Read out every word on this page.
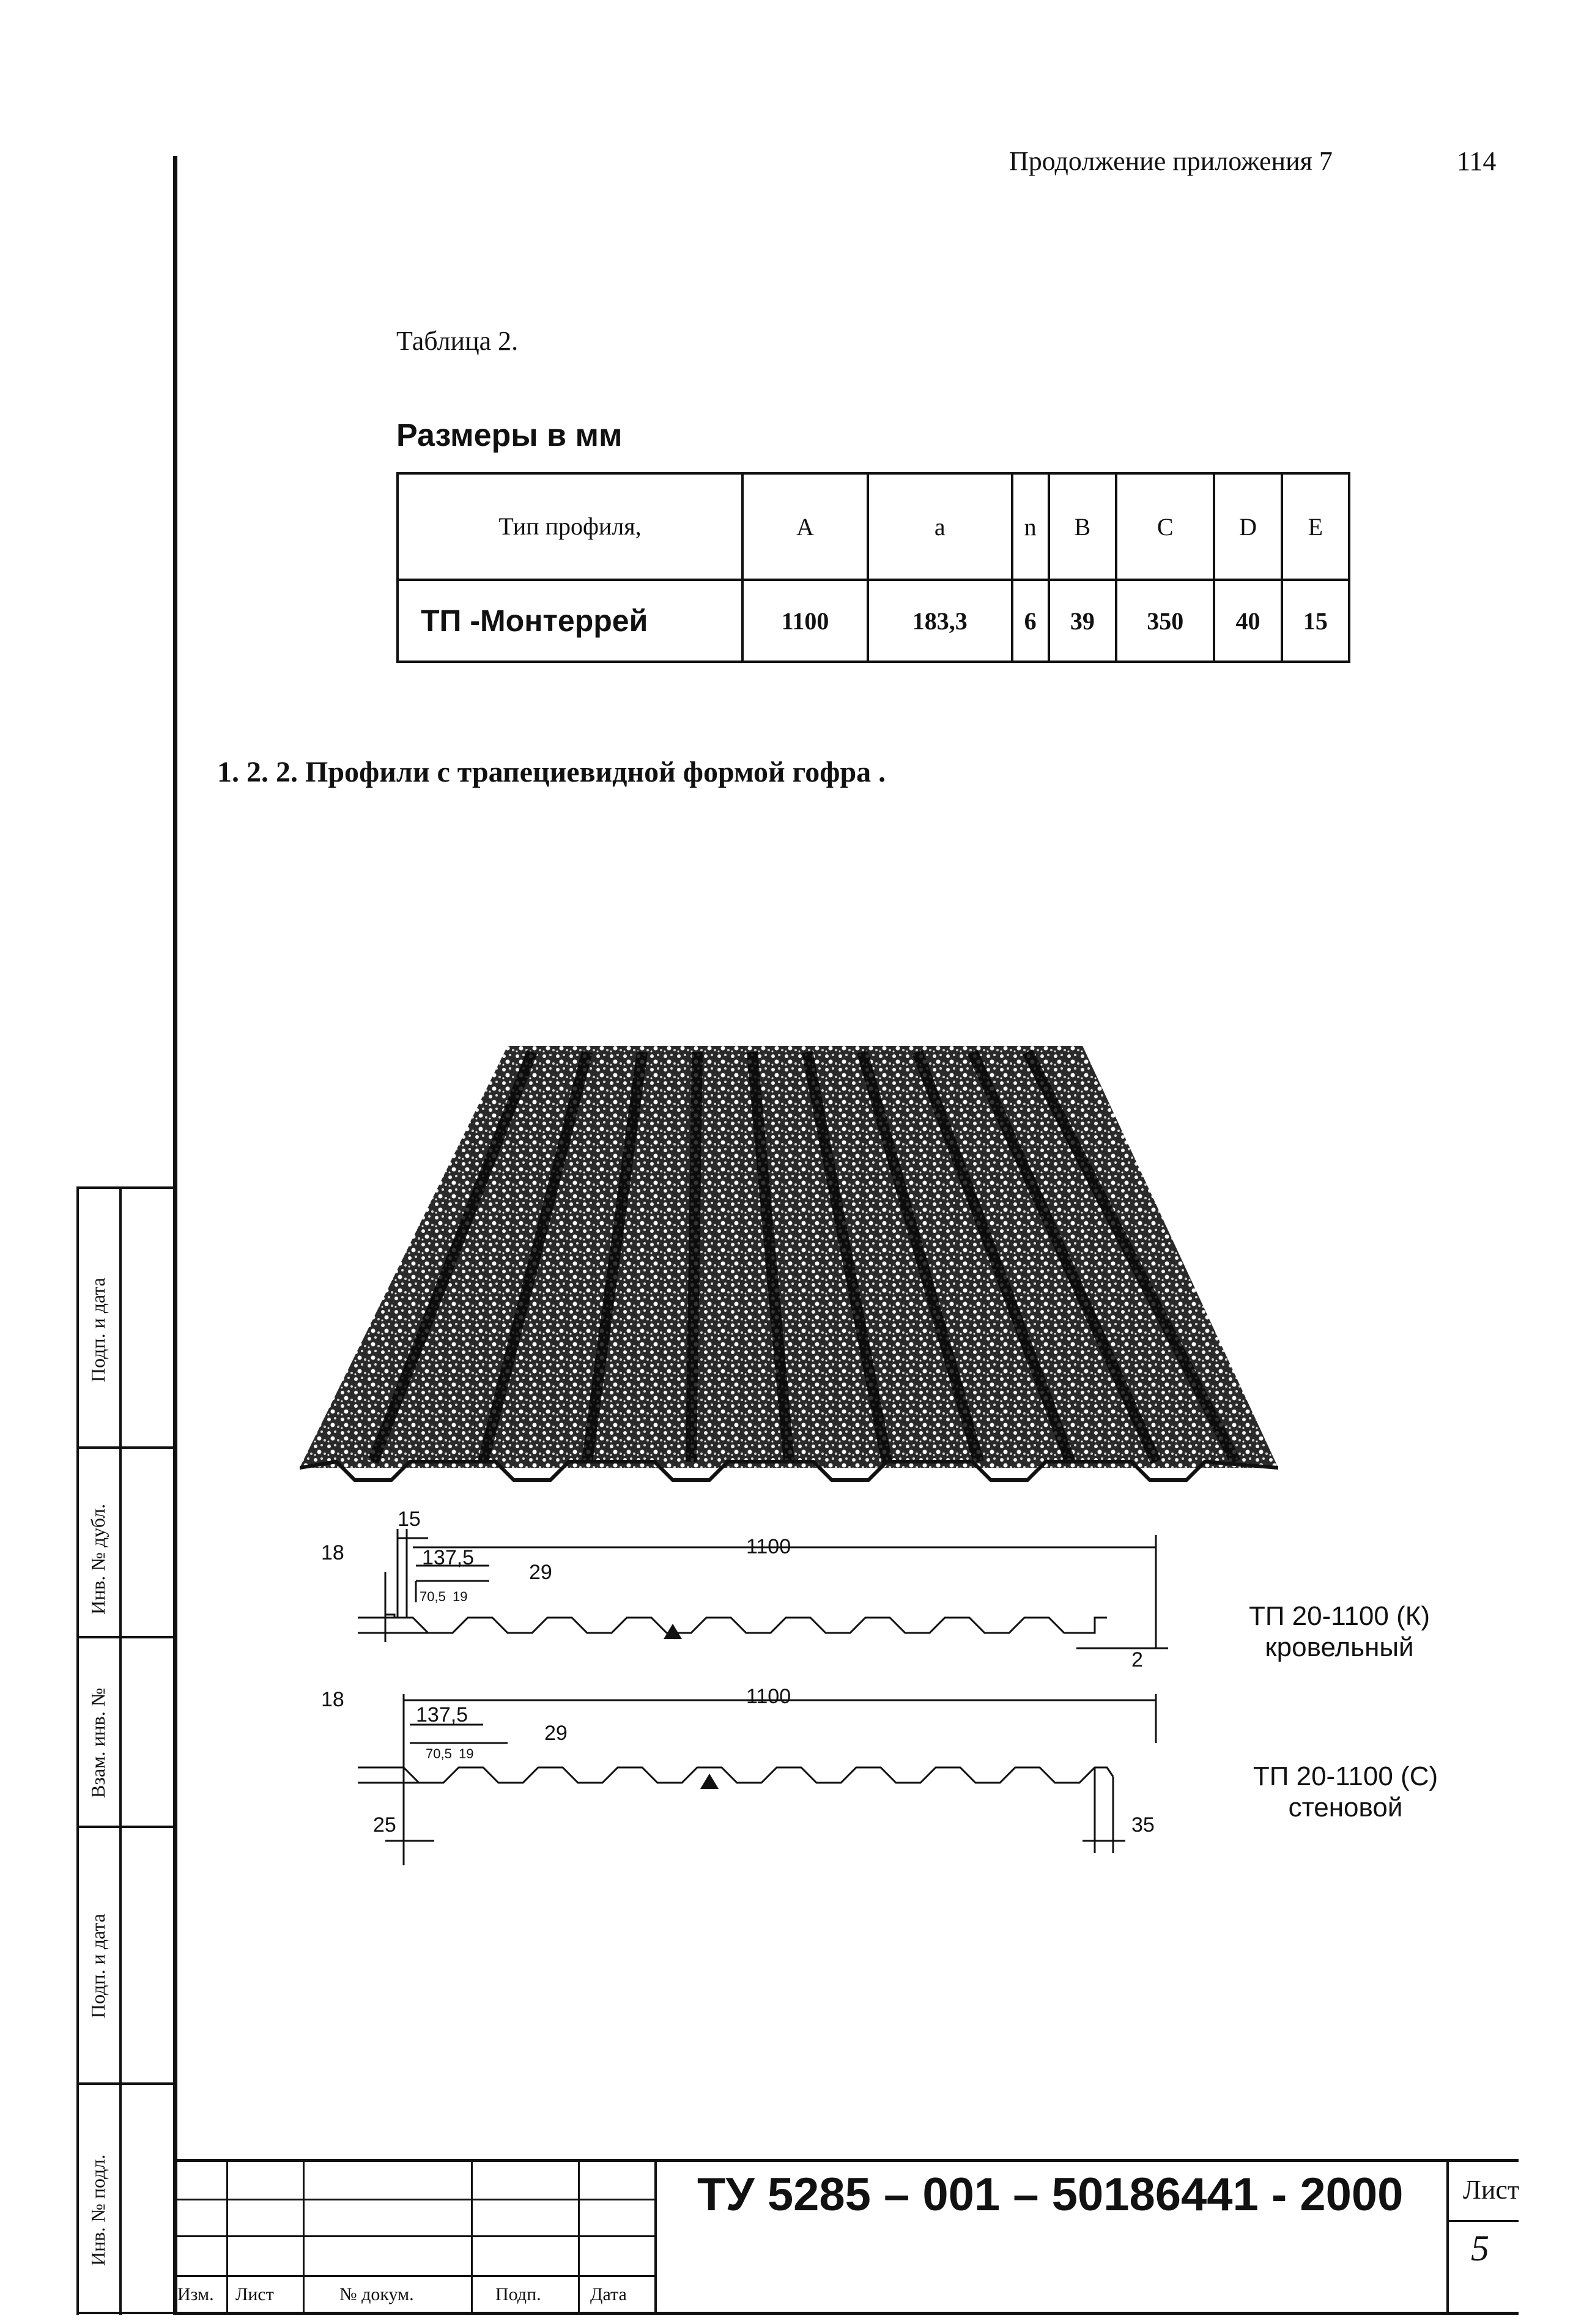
Продолжение приложения 7	114
Таблица 2.
Размеры в мм
Тип профиля,	A	a	n	B	C	D	E
ТП -Монтеррей	1100	183,3	6	39	350	40	15
1. 2. 2. Профили с трапециевидной формой гофра .
18
15
1100
137,5
29
70,5 19
2
18	1100
137,5
29
70,5 19
25	35
ТП 20-1100 (К)
кровельный
ТП 20-1100 (С)
стеновой
Инв. № подл.
Подп. и дата
Взам. инв. №
Инв. № дубл.
Подп. и дата
Изм. Лист	№ докум.	Подп.	Дата
ТУ 5285 – 001 – 50186441 - 2000 Лист
5
